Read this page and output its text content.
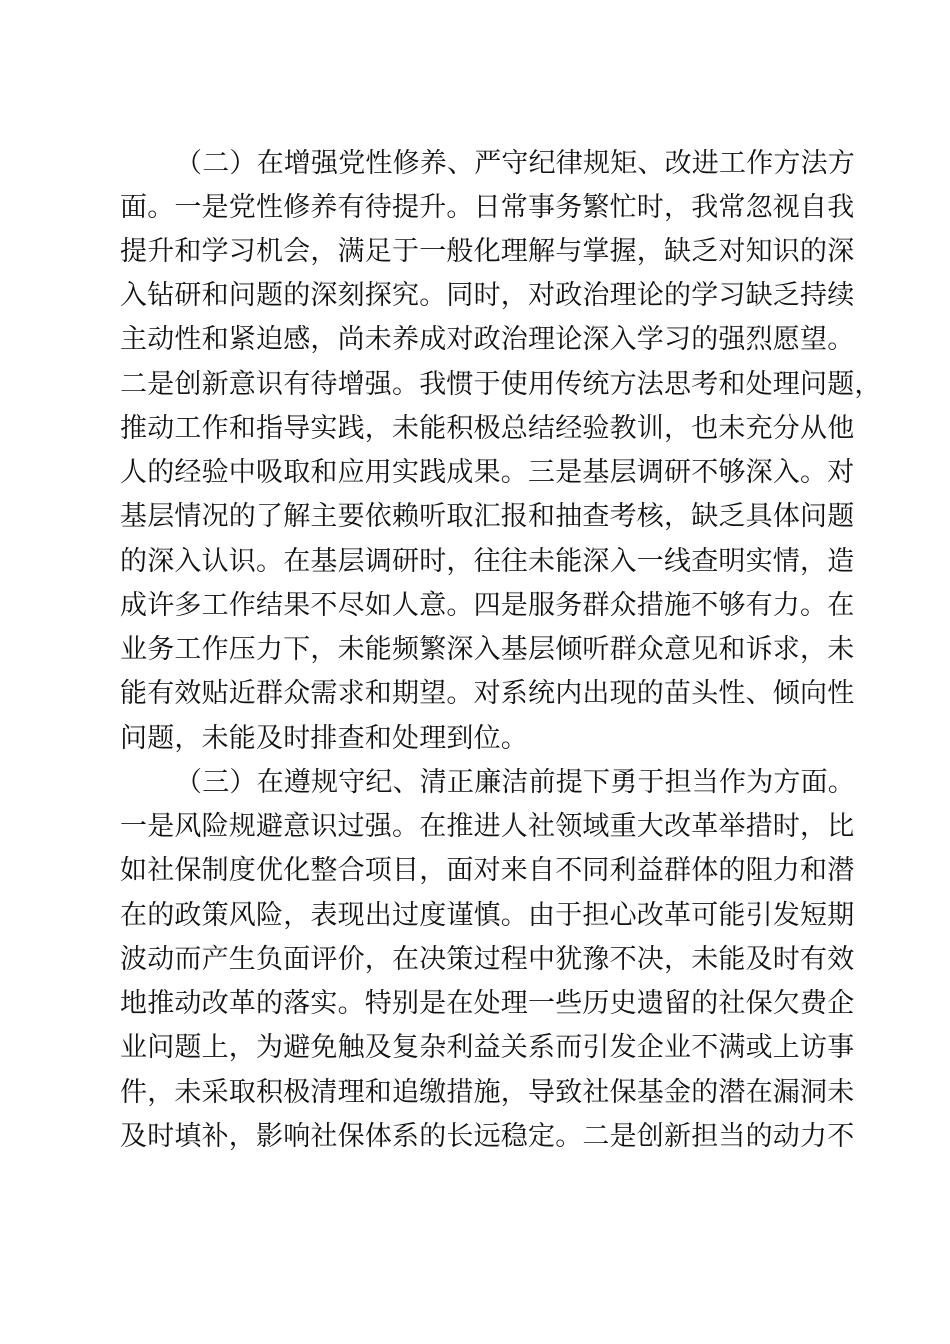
（二）在增强党性修养、严守纪律规矩、改进工作方法方
面。一是党性修养有待提升。日常事务繁忙时，我常忽视自我
提升和学习机会，满足于一般化理解与掌握，缺乏对知识的深
入钻研和问题的深刻探究。同时，对政治理论的学习缺乏持续
主动性和紧迫感，尚未养成对政治理论深入学习的强烈愿望。
二是创新意识有待增强。我惯于使用传统方法思考和处理问题，
推动工作和指导实践，未能积极总结经验教训，也未充分从他
人的经验中吸取和应用实践成果。三是基层调研不够深入。对
基层情况的了解主要依赖听取汇报和抽查考核，缺乏具体问题
的深入认识。在基层调研时，往往未能深入一线查明实情，造
成许多工作结果不尽如人意。四是服务群众措施不够有力。在
业务工作压力下，未能频繁深入基层倾听群众意见和诉求，未
能有效贴近群众需求和期望。对系统内出现的苗头性、倾向性
问题，未能及时排查和处理到位。
（三）在遵规守纪、清正廉洁前提下勇于担当作为方面。
一是风险规避意识过强。在推进人社领域重大改革举措时，比
如社保制度优化整合项目，面对来自不同利益群体的阻力和潜
在的政策风险，表现出过度谨慎。由于担心改革可能引发短期
波动而产生负面评价，在决策过程中犹豫不决，未能及时有效
地推动改革的落实。特别是在处理一些历史遗留的社保欠费企
业问题上，为避免触及复杂利益关系而引发企业不满或上访事
件，未采取积极清理和追缴措施，导致社保基金的潜在漏洞未
及时填补，影响社保体系的长远稳定。二是创新担当的动力不
